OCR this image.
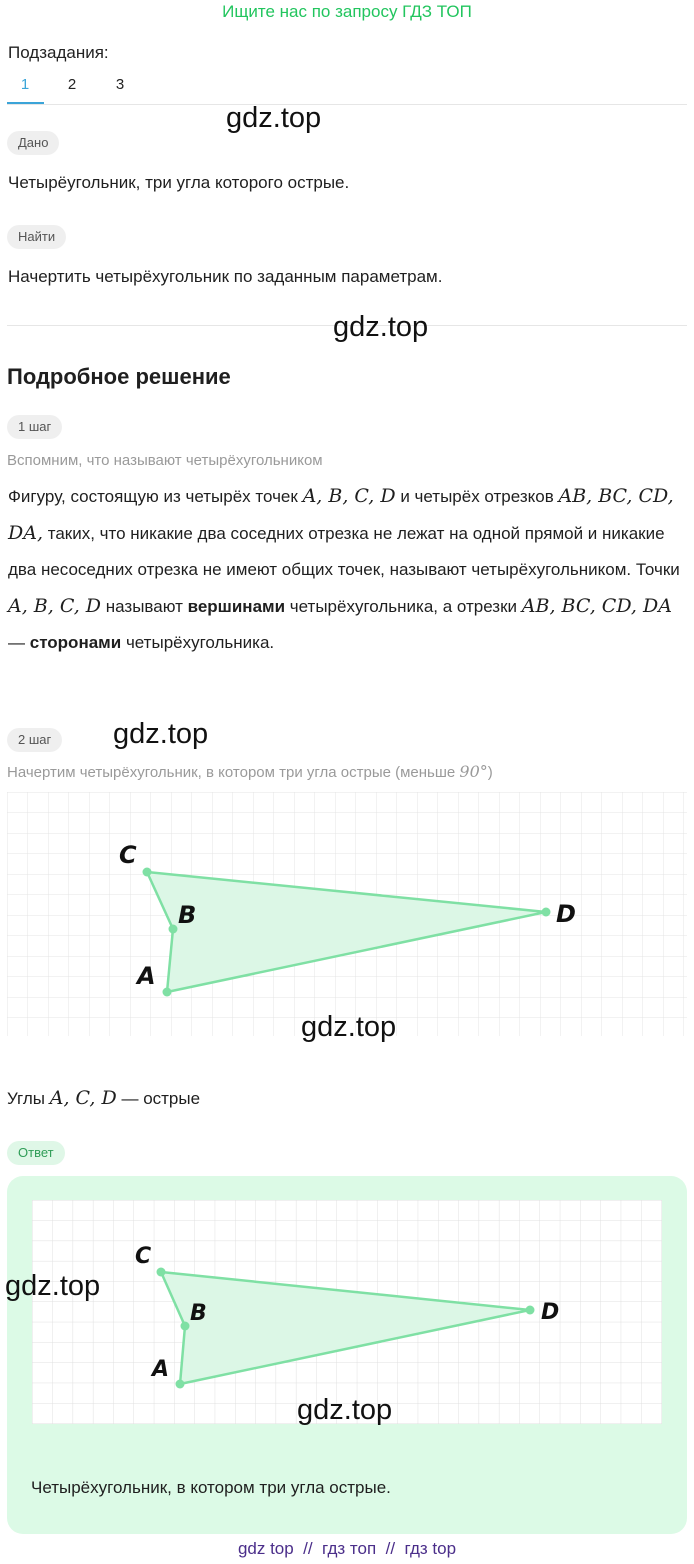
Ищите нас по запросу ГДЗ ТОП
Подзадания:
1	2	3
gdz.top
Дано
Четырёугольник, три угла которого острые.
Найти
Начертить четырёхугольник по заданным параметрам.
gdz.top
Подробное решение
1 шаг
Вспомним, что называют четырёхугольником
Фигуру, состоящую из четырёх точек A, B, C, D и четырёх отрезков AB, BC, CD, DA, таких, что никакие два соседних отрезка не лежат на одной прямой и никакие два несоседних отрезка не имеют общих точек, называют четырёхугольником. Точки A, B, C, D называют вершинами четырёхугольника, а отрезки AB, BC, CD, DA — сторонами четырёхугольника.
2 шаг	gdz.top
Начертим четырёхугольник, в котором три угла острые (меньше 90°)
A
B
C
D
gdz.top
Углы A, C, D — острые
Ответ
A
B
C
D
gdz.top
gdz.top
Четырёхугольник, в котором три угла острые.
gdz top  //  гдз топ  //  гдз top
